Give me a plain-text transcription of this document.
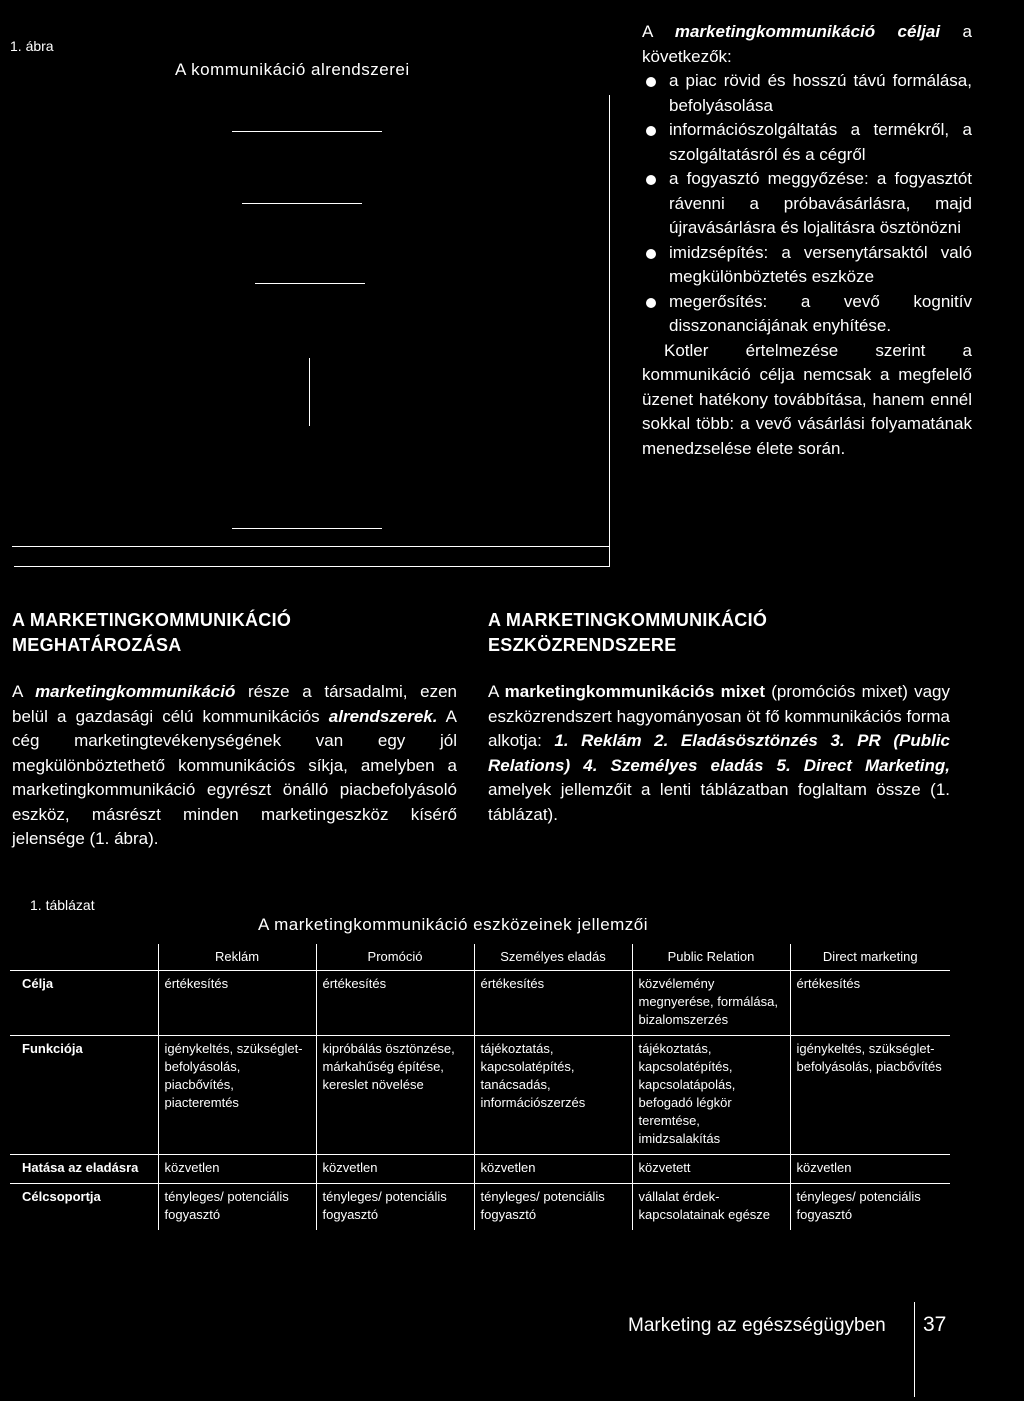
1. ábra
A kommunikáció alrendszerei

A marketingkommunikáció céljai a következők:

a piac rövid és hosszú távú formálása, befolyásolása
információszolgáltatás a termékről, a szolgáltatásról és a cégről
a fogyasztó meggyőzése: a fogyasztót rávenni a próbavásárlásra, majd újravásárlásra és lojalitásra ösztönözni
imidzsépítés: a versenytársaktól való megkülönböztetés eszköze
megerősítés: a vevő kognitív disszonanciájának enyhítése.

Kotler értelmezése szerint a kommunikáció célja nemcsak a megfelelő üzenet hatékony továbbítása, hanem ennél sokkal több: a vevő vásárlási folyamatának menedzselése élete során.

A MARKETINGKOMMUNIKÁCIÓ
MEGHATÁROZÁSA
A marketingkommunikáció része a társadalmi, ezen belül a gazdasági célú kommunikációs alrendszerek. A cég marketingtevékenységének van egy jól megkülönböztethető kommunikációs síkja, amelyben a marketingkommunikáció egyrészt önálló piacbefolyásoló eszköz, másrészt minden marketingeszköz kísérő jelensége (1. ábra).
A MARKETINGKOMMUNIKÁCIÓ
ESZKÖZRENDSZERE
A marketingkommunikációs mixet (promóciós mixet) vagy eszközrendszert hagyományosan öt fő kommunikációs forma alkotja: 1. Reklám 2. Eladásösztönzés 3. PR (Public Relations) 4. Személyes eladás 5. Direct Marketing, amelyek jellemzőit a lenti táblázatban foglaltam össze (1. táblázat).
1. táblázat
A marketingkommunikáció eszközeinek jellemzői
	Reklám	Promóció	Személyes eladás	Public Relation	Direct marketing
Célja	értékesítés	értékesítés	értékesítés	közvélemény megnyerése, formálása, bizalomszerzés	értékesítés
Funkciója	igénykeltés, szükséglet-befolyásolás, piacbővítés, piacteremtés	kipróbálás ösztönzése, márkahűség építése, kereslet növelése	tájékoztatás, kapcsolatépítés, tanácsadás, információszerzés	tájékoztatás, kapcsolatépítés, kapcsolatápolás, befogadó légkör teremtése, imidzsalakítás	igénykeltés, szükséglet-befolyásolás, piacbővítés
Hatása az eladásra	közvetlen	közvetlen	közvetlen	közvetett	közvetlen
Célcsoportja	tényleges/ potenciális fogyasztó	tényleges/ potenciális fogyasztó	tényleges/ potenciális fogyasztó	vállalat érdek-kapcsolatainak egésze	tényleges/ potenciális fogyasztó
Marketing az egészségügyben 37
